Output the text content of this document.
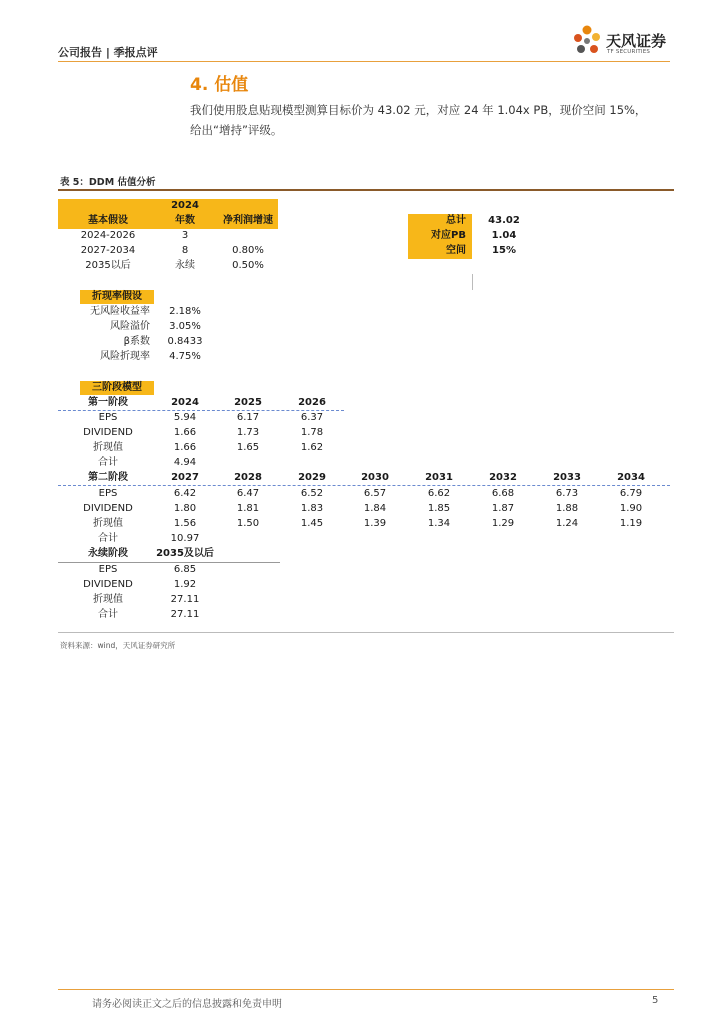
公司报告 | 季报点评
天风证券
TF SECURITIES
4. 估值
我们使用股息贴现模型测算目标价为 43.02 元，对应 24 年 1.04x PB，现价空间 15%，
给出“增持”评级。
表 5：DDM 估值分析
2024
基本假设	年数	净利润增速
2024-2026	3
2027-2034	8	0.80%
2035以后	永续	0.50%
总计	43.02
对应PB	1.04
空间	15%
折现率假设
无风险收益率	2.18%
风险溢价	3.05%
β系数	0.8433
风险折现率	4.75%
三阶段模型
第一阶段	2024	2025	2026
EPS	5.94	6.17	6.37
DIVIDEND	1.66	1.73	1.78
折现值	1.66	1.65	1.62
合计	4.94
第二阶段	2027	2028	2029	2030	2031	2032	2033	2034
EPS	6.42	6.47	6.52	6.57	6.62	6.68	6.73	6.79
DIVIDEND	1.80	1.81	1.83	1.84	1.85	1.87	1.88	1.90
折现值	1.56	1.50	1.45	1.39	1.34	1.29	1.24	1.19
合计	10.97
永续阶段	2035及以后
EPS	6.85
DIVIDEND	1.92
折现值	27.11
合计	27.11
资料来源：wind，天风证券研究所
请务必阅读正文之后的信息披露和免责申明	5
